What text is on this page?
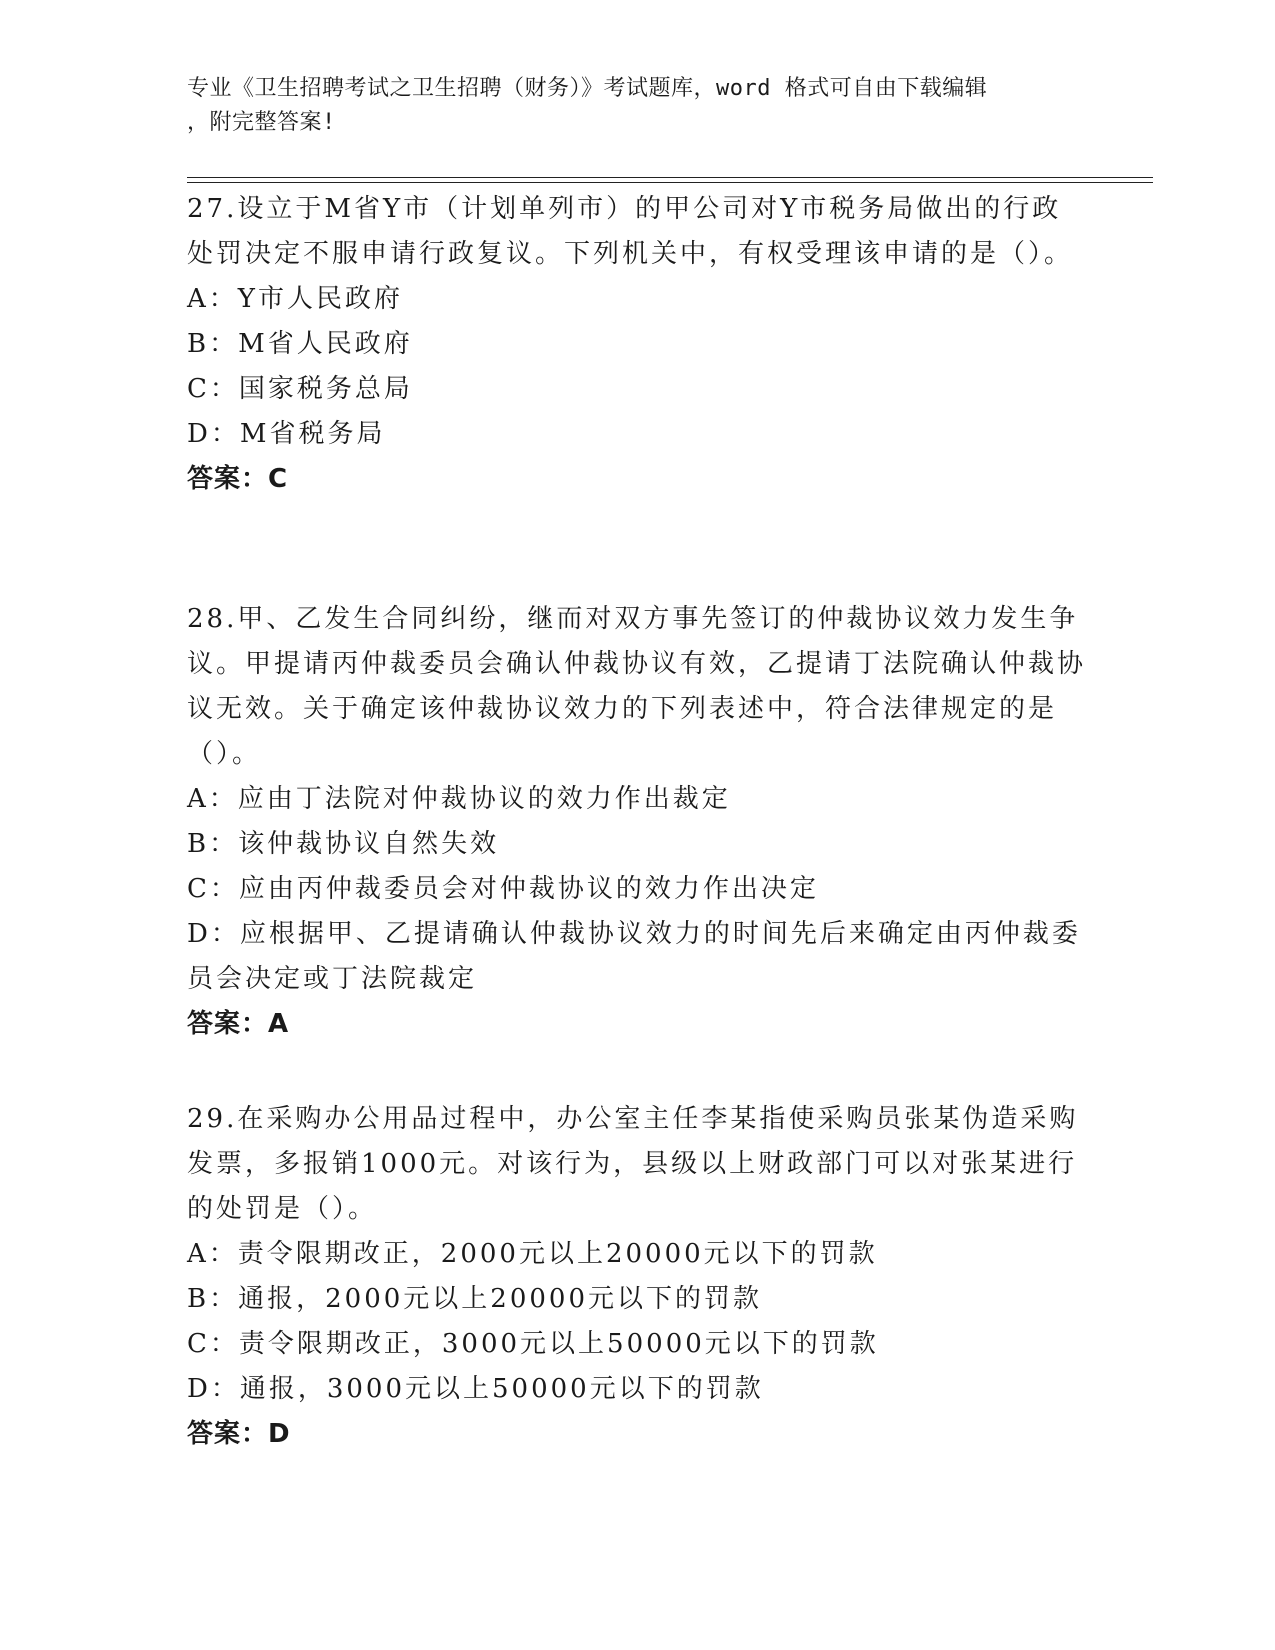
专业《卫生招聘考试之卫生招聘（财务）》考试题库，word 格式可自由下载编辑
，附完整答案!

27.设立于M省Y市（计划单列市）的甲公司对Y市税务局做出的行政处罚决定不服申请行政复议。下列机关中，有权受理该申请的是（）。

A：Y市人民政府

B：M省人民政府

C：国家税务总局

D：M省税务局

答案：C

28.甲、乙发生合同纠纷，继而对双方事先签订的仲裁协议效力发生争议。甲提请丙仲裁委员会确认仲裁协议有效，乙提请丁法院确认仲裁协议无效。关于确定该仲裁协议效力的下列表述中，符合法律规定的是（）。

A：应由丁法院对仲裁协议的效力作出裁定

B：该仲裁协议自然失效

C：应由丙仲裁委员会对仲裁协议的效力作出决定

D：应根据甲、乙提请确认仲裁协议效力的时间先后来确定由丙仲裁委员会决定或丁法院裁定

答案：A

29.在采购办公用品过程中，办公室主任李某指使采购员张某伪造采购发票，多报销1000元。对该行为，县级以上财政部门可以对张某进行的处罚是（）。

A：责令限期改正，2000元以上20000元以下的罚款

B：通报，2000元以上20000元以下的罚款

C：责令限期改正，3000元以上50000元以下的罚款

D：通报，3000元以上50000元以下的罚款

答案：D
